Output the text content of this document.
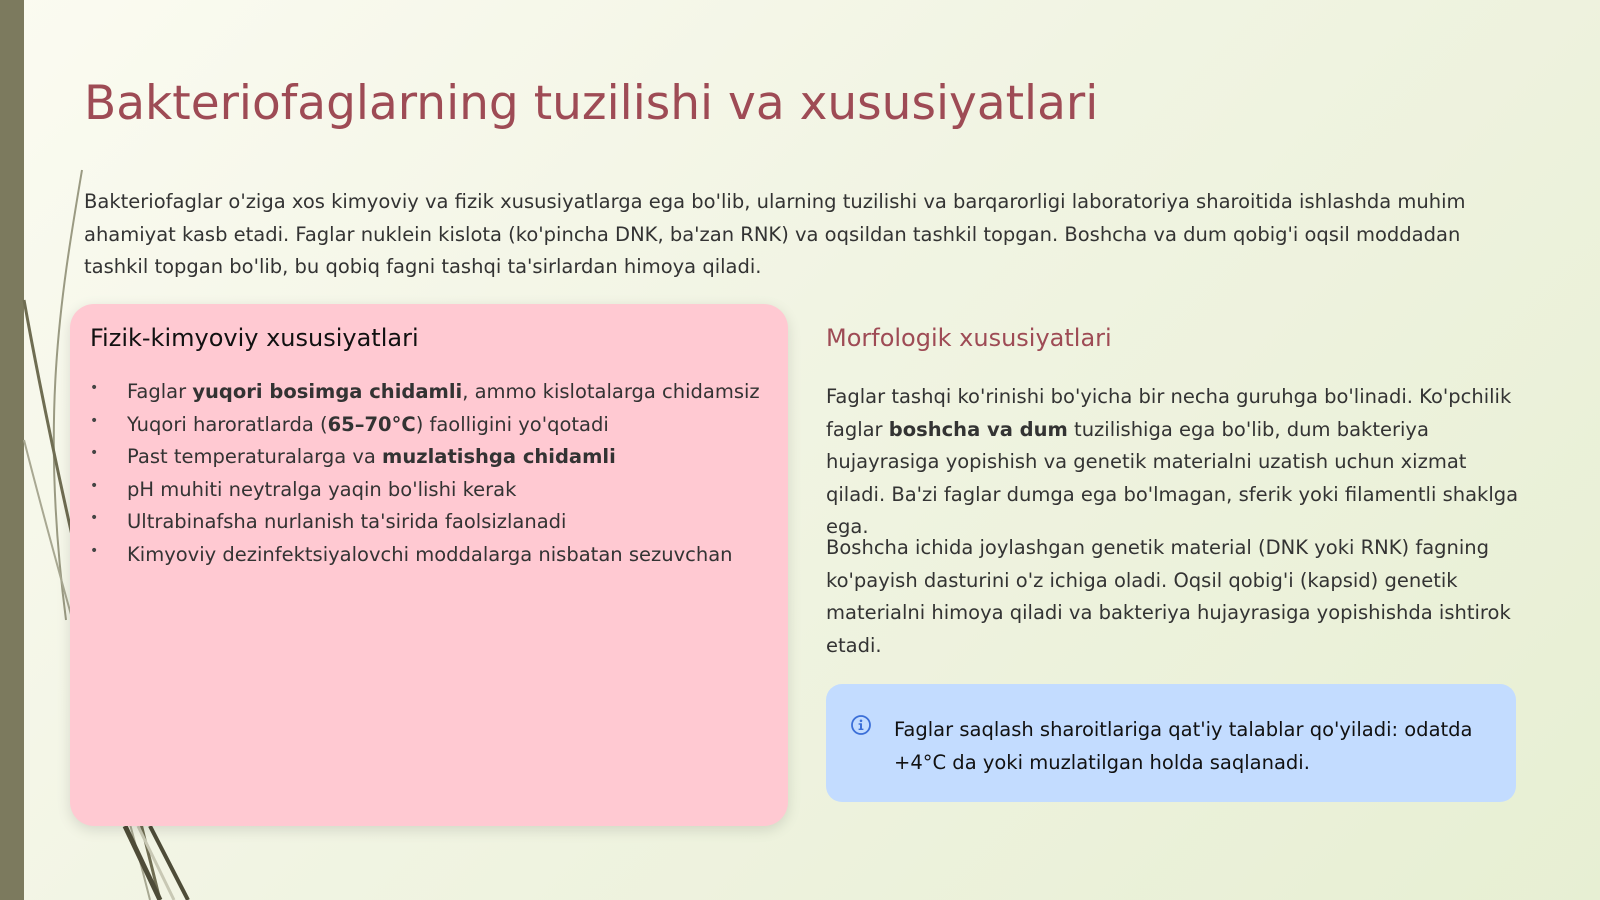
Bakteriofaglarning tuzilishi va xususiyatlari

Bakteriofaglar o'ziga xos kimyoviy va fizik xususiyatlarga ega bo'lib, ularning tuzilishi va barqarorligi laboratoriya sharoitida ishlashda muhim ahamiyat kasb etadi. Faglar nuklein kislota (ko'pincha DNK, ba'zan RNK) va oqsildan tashkil topgan. Boshcha va dum qobig'i oqsil moddadan tashkil topgan bo'lib, bu qobiq fagni tashqi ta'sirlardan himoya qiladi.

Fizik-kimyoviy xususiyatlari
• Faglar yuqori bosimga chidamli, ammo kislotalarga chidamsiz
• Yuqori haroratlarda (65–70°C) faolligini yo'qotadi
• Past temperaturalarga va muzlatishga chidamli
• pH muhiti neytralga yaqin bo'lishi kerak
• Ultrabinafsha nurlanish ta'sirida faolsizlanadi
• Kimyoviy dezinfektsiyalovchi moddalarga nisbatan sezuvchan
Morfologik xususiyatlari

Faglar tashqi ko'rinishi bo'yicha bir necha guruhga bo'linadi. Ko'pchilik faglar boshcha va dum tuzilishiga ega bo'lib, dum bakteriya hujayrasiga yopishish va genetik materialni uzatish uchun xizmat qiladi. Ba'zi faglar dumga ega bo'lmagan, sferik yoki filamentli shaklga ega.

Boshcha ichida joylashgan genetik material (DNK yoki RNK) fagning ko'payish dasturini o'z ichiga oladi. Oqsil qobig'i (kapsid) genetik materialni himoya qiladi va bakteriya hujayrasiga yopishishda ishtirok etadi.

Faglar saqlash sharoitlariga qat'iy talablar qo'yiladi: odatda +4°C da yoki muzlatilgan holda saqlanadi.
